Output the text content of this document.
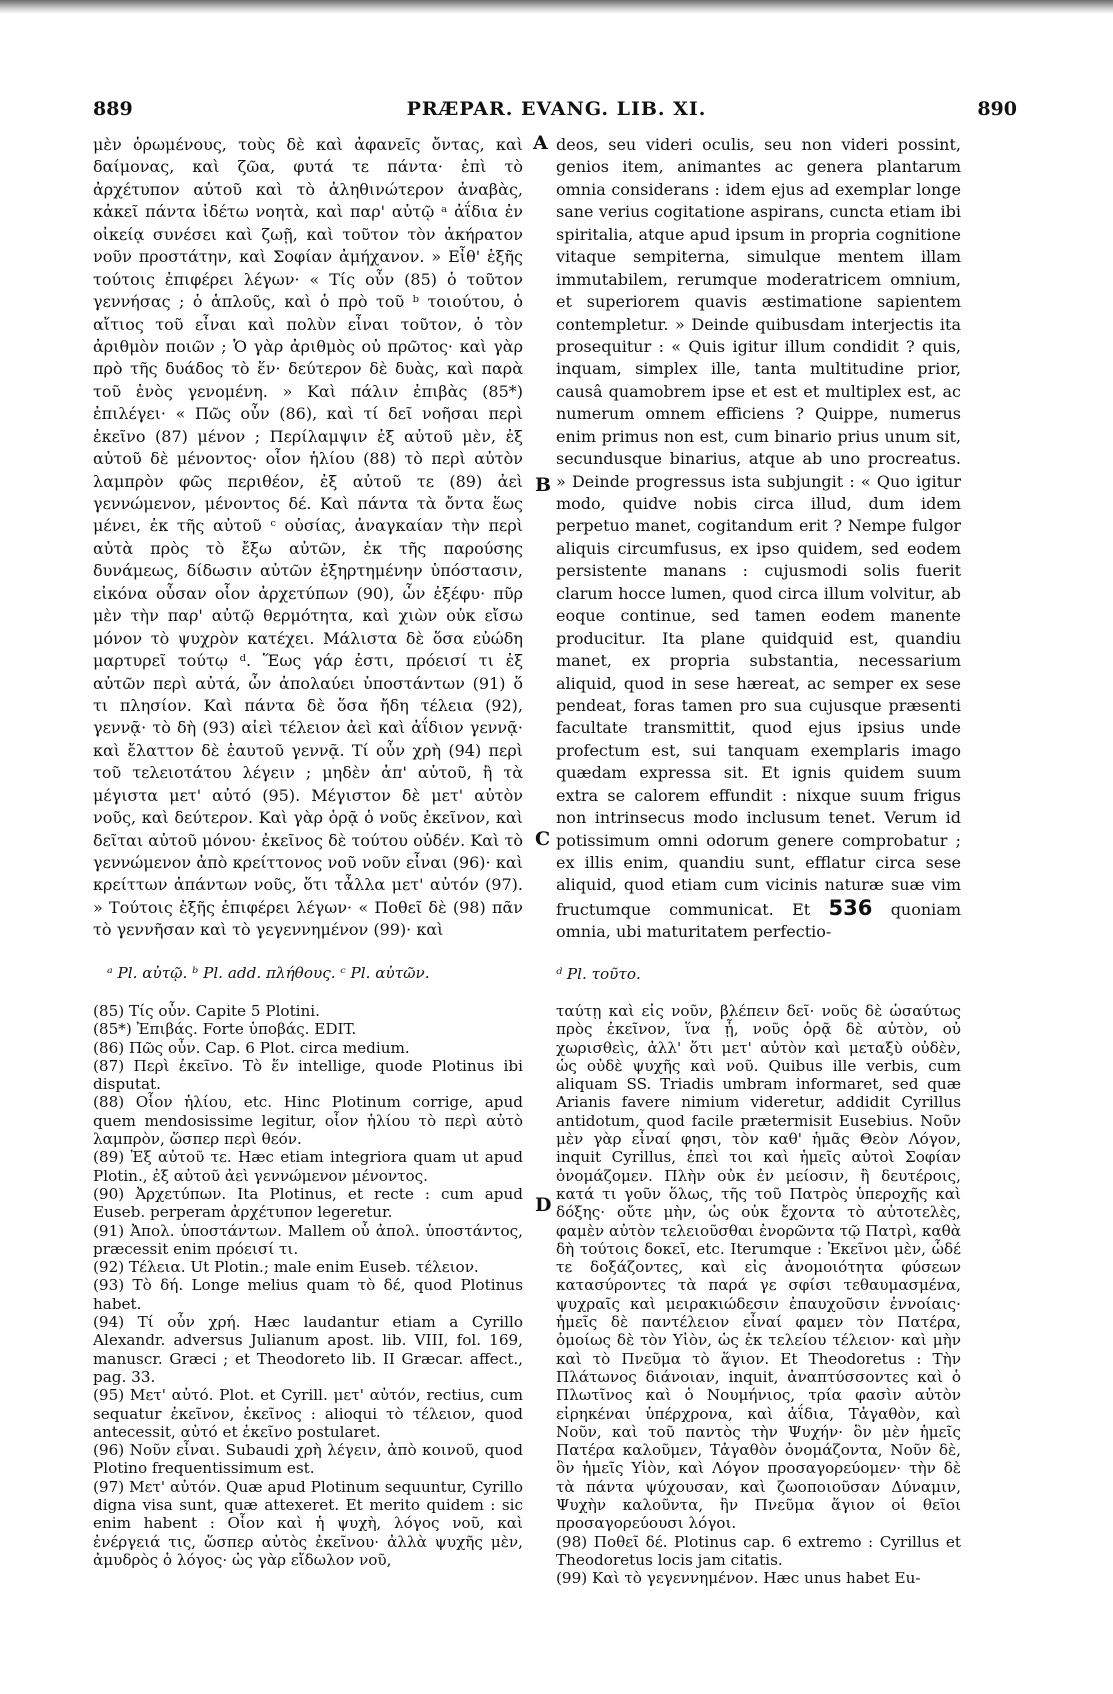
889	PRÆPAR. EVANG. LIB. XI.	890

μὲν ὁρωμένους, τοὺς δὲ καὶ ἀφανεῖς ὄντας, καὶ δαίμονας, καὶ ζῶα, φυτά τε πάντα· ἐπὶ τὸ ἀρχέτυπον αὐτοῦ καὶ τὸ ἀληθινώτερον ἀναβὰς, κἀκεῖ πάντα ἰδέτω νοητὰ, καὶ παρ' αὐτῷ ᵃ ἀΐδια ἐν οἰκείᾳ συνέσει καὶ ζωῇ, καὶ τοῦτον τὸν ἀκήρατον νοῦν προστάτην, καὶ Σοφίαν ἀμήχανον. » Εἶθ' ἑξῆς τούτοις ἐπιφέρει λέγων· « Τίς οὖν (85) ὁ τοῦτον γεννήσας ; ὁ ἁπλοῦς, καὶ ὁ πρὸ τοῦ ᵇ τοιούτου, ὁ αἴτιος τοῦ εἶναι καὶ πολὺν εἶναι τοῦτον, ὁ τὸν ἀριθμὸν ποιῶν ; Ὁ γὰρ ἀριθμὸς οὐ πρῶτος· καὶ γὰρ πρὸ τῆς δυάδος τὸ ἕν· δεύτερον δὲ δυὰς, καὶ παρὰ τοῦ ἑνὸς γενομένη. » Καὶ πάλιν ἐπιβὰς (85*) ἐπιλέγει· « Πῶς οὖν (86), καὶ τί δεῖ νοῆσαι περὶ ἐκεῖνο (87) μένον ; Περίλαμψιν ἐξ αὐτοῦ μὲν, ἐξ αὐτοῦ δὲ μένοντος· οἷον ἡλίου (88) τὸ περὶ αὐτὸν λαμπρὸν φῶς περιθέον, ἐξ αὐτοῦ τε (89) ἀεὶ γεννώμενον, μένοντος δέ. Καὶ πάντα τὰ ὄντα ἕως μένει, ἐκ τῆς αὐτοῦ ᶜ οὐσίας, ἀναγκαίαν τὴν περὶ αὐτὰ πρὸς τὸ ἔξω αὐτῶν, ἐκ τῆς παρούσης δυνάμεως, δίδωσιν αὐτῶν ἐξηρτημένην ὑπόστασιν, εἰκόνα οὖσαν οἷον ἀρχετύπων (90), ὧν ἐξέφυ· πῦρ μὲν τὴν παρ' αὐτῷ θερμότητα, καὶ χιὼν οὐκ εἴσω μόνον τὸ ψυχρὸν κατέχει. Μάλιστα δὲ ὅσα εὐώδη μαρτυρεῖ τούτῳ ᵈ. Ἕως γάρ ἐστι, πρόεισί τι ἐξ αὐτῶν περὶ αὐτά, ὧν ἀπολαύει ὑποστάντων (91) ὅ τι πλησίον. Καὶ πάντα δὲ ὅσα ἤδη τέλεια (92), γεννᾷ· τὸ δὴ (93) αἰεὶ τέλειον ἀεὶ καὶ ἀΐδιον γεννᾷ· καὶ ἔλαττον δὲ ἑαυτοῦ γεννᾷ. Τί οὖν χρὴ (94) περὶ τοῦ τελειοτάτου λέγειν ; μηδὲν ἀπ' αὐτοῦ, ἢ τὰ μέγιστα μετ' αὐτό (95). Μέγιστον δὲ μετ' αὐτὸν νοῦς, καὶ δεύτερον. Καὶ γὰρ ὁρᾷ ὁ νοῦς ἐκεῖνον, καὶ δεῖται αὐτοῦ μόνου· ἐκεῖνος δὲ τούτου οὐδέν. Καὶ τὸ γεννώμενον ἀπὸ κρείττονος νοῦ νοῦν εἶναι (96)· καὶ κρείττων ἁπάντων νοῦς, ὅτι τἆλλα μετ' αὐτόν (97). » Τούτοις ἑξῆς ἐπιφέρει λέγων· « Ποθεῖ δὲ (98) πᾶν τὸ γεννῆσαν καὶ τὸ γεγεννημένον (99)· καὶ

deos, seu videri oculis, seu non videri possint, genios item, animantes ac genera plantarum omnia considerans : idem ejus ad exemplar longe sane verius cogitatione aspirans, cuncta etiam ibi spiritalia, atque apud ipsum in propria cognitione vitaque sempiterna, simulque mentem illam immutabilem, rerumque moderatricem omnium, et superiorem quavis æstimatione sapientem contempletur. » Deinde quibusdam interjectis ita prosequitur : « Quis igitur illum condidit ? quis, inquam, simplex ille, tanta multitudine prior, causâ quamobrem ipse et est et multiplex est, ac numerum omnem efficiens ? Quippe, numerus enim primus non est, cum binario prius unum sit, secundusque binarius, atque ab uno procreatus. » Deinde progressus ista subjungit : « Quo igitur modo, quidve nobis circa illud, dum idem perpetuo manet, cogitandum erit ? Nempe fulgor aliquis circumfusus, ex ipso quidem, sed eodem persistente manans : cujusmodi solis fuerit clarum hocce lumen, quod circa illum volvitur, ab eoque continue, sed tamen eodem manente producitur. Ita plane quidquid est, quandiu manet, ex propria substantia, necessarium aliquid, quod in sese hæreat, ac semper ex sese pendeat, foras tamen pro sua cujusque præsenti facultate transmittit, quod ejus ipsius unde profectum est, sui tanquam exemplaris imago quædam expressa sit. Et ignis quidem suum extra se calorem effundit : nixque suum frigus non intrinsecus modo inclusum tenet. Verum id potissimum omni odorum genere comprobatur ; ex illis enim, quandiu sunt, efflatur circa sese aliquid, quod etiam cum vicinis naturæ suæ vim fructumque communicat. Et 536 quoniam omnia, ubi maturitatem perfectio-

A
B
C
D

ᵃ Pl. αὐτῷ. ᵇ Pl. add. πλήθους. ᶜ Pl. αὐτῶν.	ᵈ Pl. τοῦτο.

(85) Τίς οὖν. Capite 5 Plotini.

(85*) Ἐπιβάς. Forte ὑποβάς. EDIT.

(86) Πῶς οὖν. Cap. 6 Plot. circa medium.

(87) Περὶ ἐκεῖνο. Τὸ ἕν intellige, quode Plotinus ibi disputat.

(88) Οἷον ἡλίου, etc. Hinc Plotinum corrige, apud quem mendosissime legitur, οἷον ἡλίου τὸ περὶ αὐτὸ λαμπρὸν, ὥσπερ περὶ θεόν.

(89) Ἐξ αὐτοῦ τε. Hæc etiam integriora quam ut apud Plotin., ἐξ αὐτοῦ ἀεὶ γεννώμενον μένοντος.

(90) Ἀρχετύπων. Ita Plotinus, et recte : cum apud Euseb. perperam ἀρχέτυπον legeretur.

(91) Ἀπολ. ὑποστάντων. Mallem οὗ ἀπολ. ὑποστάντος, præcessit enim πρόεισί τι.

(92) Τέλεια. Ut Plotin.; male enim Euseb. τέλειον.

(93) Τὸ δή. Longe melius quam τὸ δέ, quod Plotinus habet.

(94) Τί οὖν χρή. Hæc laudantur etiam a Cyrillo Alexandr. adversus Julianum apost. lib. VIII, fol. 169, manuscr. Græci ; et Theodoreto lib. II Græcar. affect., pag. 33.

(95) Μετ' αὐτό. Plot. et Cyrill. μετ' αὐτόν, rectius, cum sequatur ἐκεῖνον, ἐκεῖνος : alioqui τὸ τέλειον, quod antecessit, αὐτό et ἐκεῖνο postularet.

(96) Νοῦν εἶναι. Subaudi χρὴ λέγειν, ἀπὸ κοινοῦ, quod Plotino frequentissimum est.

(97) Μετ' αὐτόν. Quæ apud Plotinum sequuntur, Cyrillo digna visa sunt, quæ attexeret. Et merito quidem : sic enim habent : Οἷον καὶ ἡ ψυχὴ, λόγος νοῦ, καὶ ἐνέργειά τις, ὥσπερ αὐτὸς ἐκεῖνου· ἀλλὰ ψυχῆς μὲν, ἀμυδρὸς ὁ λόγος· ὡς γὰρ εἴδωλον νοῦ,

ταύτῃ καὶ εἰς νοῦν, βλέπειν δεῖ· νοῦς δὲ ὡσαύτως πρὸς ἐκεῖνον, ἵνα ᾖ, νοῦς ὁρᾷ δὲ αὐτὸν, οὐ χωρισθεὶς, ἀλλ' ὅτι μετ' αὐτὸν καὶ μεταξὺ οὐδὲν, ὡς οὐδὲ ψυχῆς καὶ νοῦ. Quibus ille verbis, cum aliquam SS. Triadis umbram informaret, sed quæ Arianis favere nimium videretur, addidit Cyrillus antidotum, quod facile prætermisit Eusebius. Νοῦν μὲν γὰρ εἶναί φησι, τὸν καθ' ἡμᾶς Θεὸν Λόγον, inquit Cyrillus, ἐπεὶ τοι καὶ ἡμεῖς αὐτοὶ Σοφίαν ὀνομάζομεν. Πλὴν οὐκ ἐν μείοσιν, ἢ δευτέροις, κατά τι γοῦν ὅλως, τῆς τοῦ Πατρὸς ὑπεροχῆς καὶ δόξης· οὔτε μὴν, ὡς οὐκ ἔχοντα τὸ αὐτοτελὲς, φαμὲν αὐτὸν τελειοῦσθαι ἐνορῶντα τῷ Πατρὶ, καθὰ δὴ τούτοις δοκεῖ, etc. Iterumque : Ἐκεῖνοι μὲν, ὧδέ τε δοξάζοντες, καὶ εἰς ἀνομοιότητα φύσεων κατασύροντες τὰ παρά γε σφίσι τεθαυμασμένα, ψυχραῖς καὶ μειρακιώδεσιν ἐπαυχοῦσιν ἐννοίαις· ἡμεῖς δὲ παντέλειον εἶναί φαμεν τὸν Πατέρα, ὁμοίως δὲ τὸν Υἱὸν, ὡς ἐκ τελείου τέλειον· καὶ μὴν καὶ τὸ Πνεῦμα τὸ ἅγιον. Et Theodoretus : Τὴν Πλάτωνος διάνοιαν, inquit, ἀναπτύσσοντες καὶ ὁ Πλωτῖνος καὶ ὁ Νουμήνιος, τρία φασὶν αὐτὸν εἰρηκέναι ὑπέρχρονα, καὶ ἀΐδια, Τἀγαθὸν, καὶ Νοῦν, καὶ τοῦ παντὸς τὴν Ψυχήν· ὃν μὲν ἡμεῖς Πατέρα καλοῦμεν, Τἀγαθὸν ὀνομάζοντα, Νοῦν δὲ, ὃν ἡμεῖς Υἱὸν, καὶ Λόγον προσαγορεύομεν· τὴν δὲ τὰ πάντα ψύχουσαν, καὶ ζωοποιοῦσαν Δύναμιν, Ψυχὴν καλοῦντα, ἣν Πνεῦμα ἅγιον οἱ θεῖοι προσαγορεύουσι λόγοι.

(98) Ποθεῖ δέ. Plotinus cap. 6 extremo : Cyrillus et Theodoretus locis jam citatis.

(99) Καὶ τὸ γεγεννημένον. Hæc unus habet Eu-
